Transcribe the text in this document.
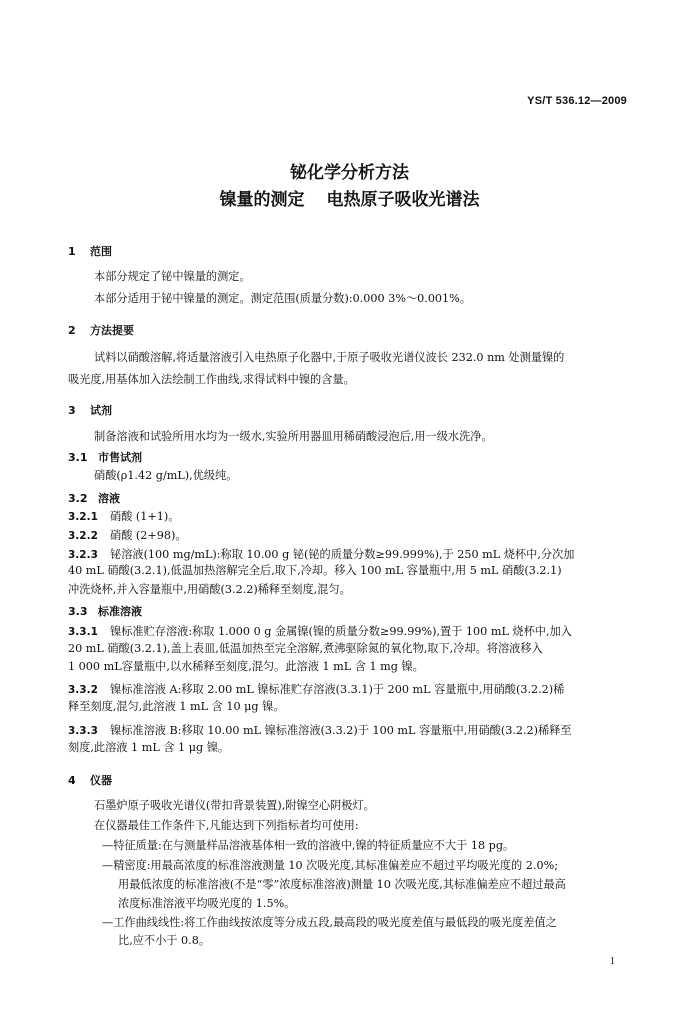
YS/T 536.12—2009
铋化学分析方法
镍量的测定 电热原子吸收光谱法
1 范围
本部分规定了铋中镍量的测定。
本部分适用于铋中镍量的测定。测定范围(质量分数):0.000 3%～0.001%。
2 方法提要
试料以硝酸溶解,将适量溶液引入电热原子化器中,于原子吸收光谱仪波长 232.0 nm 处测量镍的
吸光度,用基体加入法绘制工作曲线,求得试料中镍的含量。
3 试剂
制备溶液和试验所用水均为一级水,实验所用器皿用稀硝酸浸泡后,用一级水洗净。
3.1 市售试剂
硝酸(ρ1.42 g/mL),优级纯。
3.2 溶液
3.2.1 硝酸 (1+1)。
3.2.2 硝酸 (2+98)。
3.2.3 铋溶液(100 mg/mL):称取 10.00 g 铋(铋的质量分数≥99.999%),于 250 mL 烧杯中,分次加
40 mL 硝酸(3.2.1),低温加热溶解完全后,取下,冷却。移入 100 mL 容量瓶中,用 5 mL 硝酸(3.2.1)
冲洗烧杯,并入容量瓶中,用硝酸(3.2.2)稀释至刻度,混匀。
3.3 标准溶液
3.3.1 镍标准贮存溶液:称取 1.000 0 g 金属镍(镍的质量分数≥99.99%),置于 100 mL 烧杯中,加入
20 mL 硝酸(3.2.1),盖上表皿,低温加热至完全溶解,煮沸驱除氮的氧化物,取下,冷却。将溶液移入
1 000 mL容量瓶中,以水稀释至刻度,混匀。此溶液 1 mL 含 1 mg 镍。
3.3.2 镍标准溶液 A:移取 2.00 mL 镍标准贮存溶液(3.3.1)于 200 mL 容量瓶中,用硝酸(3.2.2)稀
释至刻度,混匀,此溶液 1 mL 含 10 μg 镍。
3.3.3 镍标准溶液 B:移取 10.00 mL 镍标准溶液(3.3.2)于 100 mL 容量瓶中,用硝酸(3.2.2)稀释至
刻度,此溶液 1 mL 含 1 μg 镍。
4 仪器
石墨炉原子吸收光谱仪(带扣背景装置),附镍空心阴极灯。
在仪器最佳工作条件下,凡能达到下列指标者均可使用:
—特征质量:在与测量样品溶液基体相一致的溶液中,镍的特征质量应不大于 18 pg。
—精密度:用最高浓度的标准溶液测量 10 次吸光度,其标准偏差应不超过平均吸光度的 2.0%;
用最低浓度的标准溶液(不是“零”浓度标准溶液)测量 10 次吸光度,其标准偏差应不超过最高
浓度标准溶液平均吸光度的 1.5%。
—工作曲线线性:将工作曲线按浓度等分成五段,最高段的吸光度差值与最低段的吸光度差值之
比,应不小于 0.8。
1
